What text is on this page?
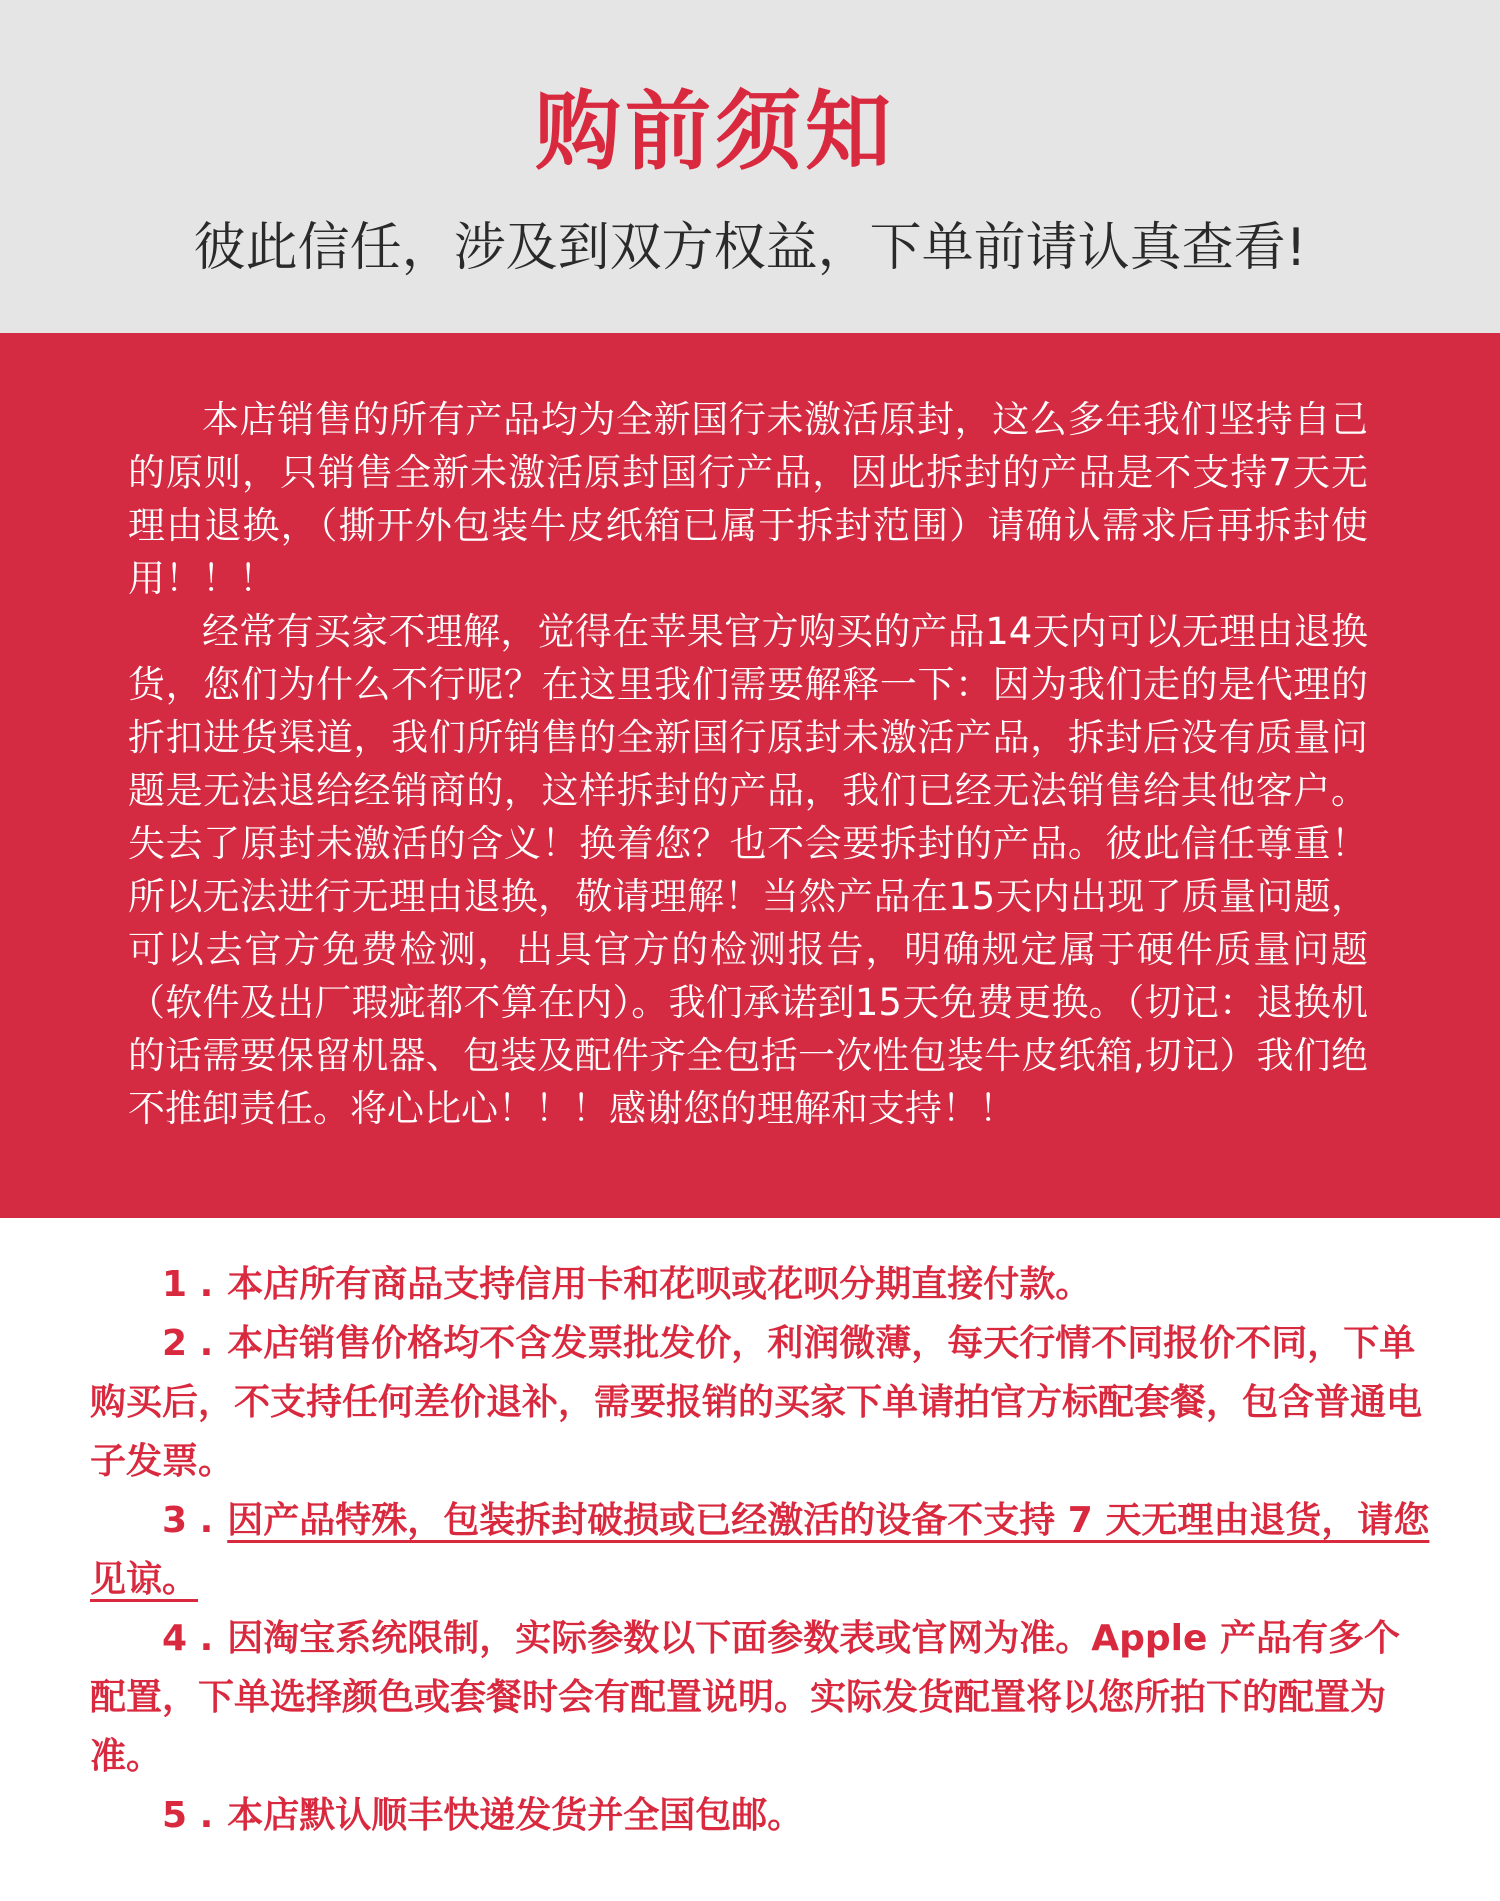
购前须知

彼此信任，涉及到双方权益，下单前请认真查看!

本店销售的所有产品均为全新国行未激活原封，这么多年我们坚持自己的原则，只销售全新未激活原封国行产品，因此拆封的产品是不支持7天无理由退换，（撕开外包装牛皮纸箱已属于拆封范围）请确认需求后再拆封使用！！！

经常有买家不理解，觉得在苹果官方购买的产品14天内可以无理由退换货，您们为什么不行呢？在这里我们需要解释一下：因为我们走的是代理的折扣进货渠道，我们所销售的全新国行原封未激活产品，拆封后没有质量问题是无法退给经销商的，这样拆封的产品，我们已经无法销售给其他客户。失去了原封未激活的含义！换着您？也不会要拆封的产品。彼此信任尊重！所以无法进行无理由退换，敬请理解！当然产品在15天内出现了质量问题，可以去官方免费检测，出具官方的检测报告，明确规定属于硬件质量问题（软件及出厂瑕疵都不算在内）。我们承诺到15天免费更换。（切记：退换机的话需要保留机器、包装及配件齐全包括一次性包装牛皮纸箱,切记）我们绝不推卸责任。将心比心！！！感谢您的理解和支持！！

1 . 本店所有商品支持信用卡和花呗或花呗分期直接付款。
2 . 本店销售价格均不含发票批发价，利润微薄，每天行情不同报价不同，下单购买后，不支持任何差价退补，需要报销的买家下单请拍官方标配套餐，包含普通电子发票。
3 . 因产品特殊，包装拆封破损或已经激活的设备不支持 7 天无理由退货，请您见谅。
4 . 因淘宝系统限制，实际参数以下面参数表或官网为准。Apple 产品有多个配置，下单选择颜色或套餐时会有配置说明。实际发货配置将以您所拍下的配置为准。
5 . 本店默认顺丰快递发货并全国包邮。
